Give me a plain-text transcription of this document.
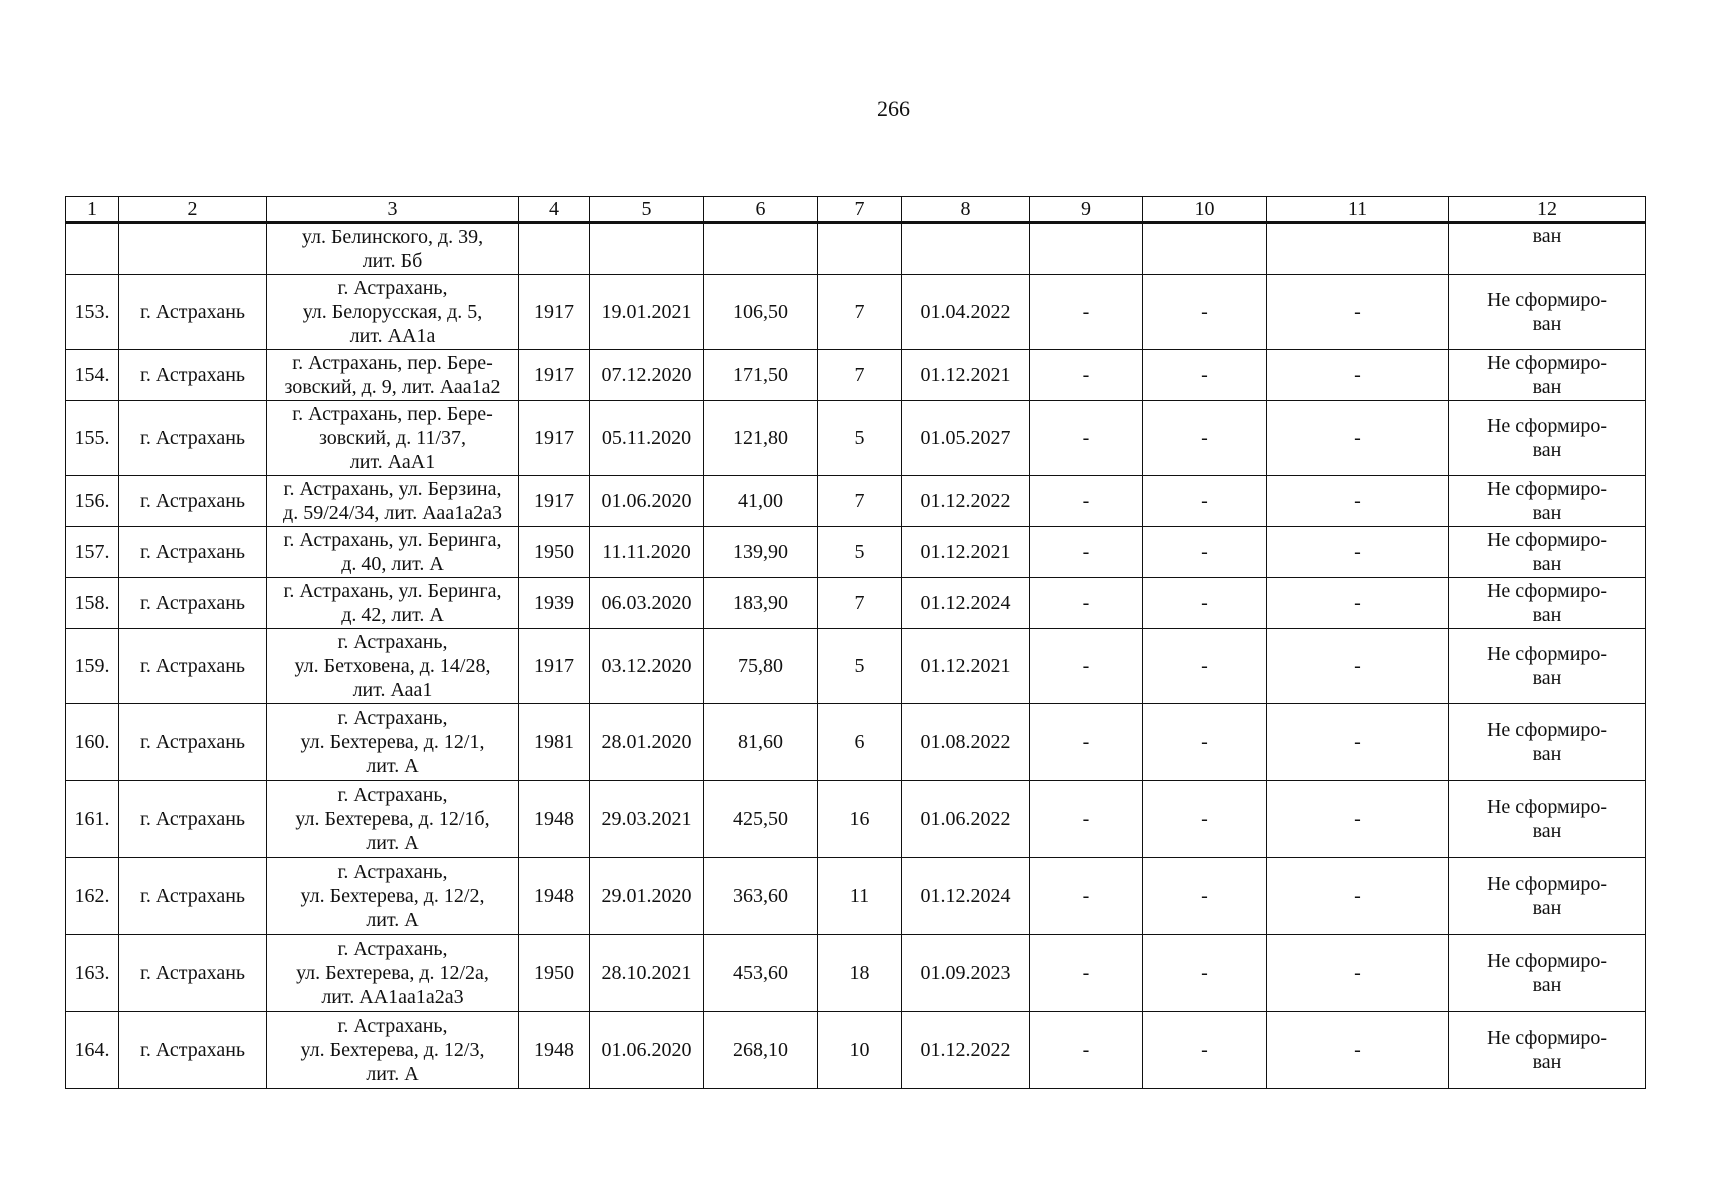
266
1	2	3	4	5	6	7	8	9	10	11	12

		ул. Белинского, д. 39,
лит. Бб									ван

153.	г. Астрахань	г. Астрахань,
ул. Белорусская, д. 5,
лит. АА1а	1917	19.01.2021	106,50	7	01.04.2022	-	-	-	Не сформиро-
ван

154.	г. Астрахань	г. Астрахань, пер. Бере-
зовский, д. 9, лит. Ааа1а2	1917	07.12.2020	171,50	7	01.12.2021	-	-	-	Не сформиро-
ван

155.	г. Астрахань	г. Астрахань, пер. Бере-
зовский, д. 11/37,
лит. АаА1	1917	05.11.2020	121,80	5	01.05.2027	-	-	-	Не сформиро-
ван

156.	г. Астрахань	г. Астрахань, ул. Берзина,
д. 59/24/34, лит. Ааа1а2а3	1917	01.06.2020	41,00	7	01.12.2022	-	-	-	Не сформиро-
ван

157.	г. Астрахань	г. Астрахань, ул. Беринга,
д. 40, лит. А	1950	11.11.2020	139,90	5	01.12.2021	-	-	-	Не сформиро-
ван

158.	г. Астрахань	г. Астрахань, ул. Беринга,
д. 42, лит. А	1939	06.03.2020	183,90	7	01.12.2024	-	-	-	Не сформиро-
ван

159.	г. Астрахань	г. Астрахань,
ул. Бетховена, д. 14/28,
лит. Ааа1	1917	03.12.2020	75,80	5	01.12.2021	-	-	-	Не сформиро-
ван

160.	г. Астрахань	г. Астрахань,
ул. Бехтерева, д. 12/1,
лит. А	1981	28.01.2020	81,60	6	01.08.2022	-	-	-	Не сформиро-
ван

161.	г. Астрахань	г. Астрахань,
ул. Бехтерева, д. 12/1б,
лит. А	1948	29.03.2021	425,50	16	01.06.2022	-	-	-	Не сформиро-
ван

162.	г. Астрахань	г. Астрахань,
ул. Бехтерева, д. 12/2,
лит. А	1948	29.01.2020	363,60	11	01.12.2024	-	-	-	Не сформиро-
ван

163.	г. Астрахань	г. Астрахань,
ул. Бехтерева, д. 12/2а,
лит. АА1аа1а2а3	1950	28.10.2021	453,60	18	01.09.2023	-	-	-	Не сформиро-
ван

164.	г. Астрахань	г. Астрахань,
ул. Бехтерева, д. 12/3,
лит. А	1948	01.06.2020	268,10	10	01.12.2022	-	-	-	Не сформиро-
ван
